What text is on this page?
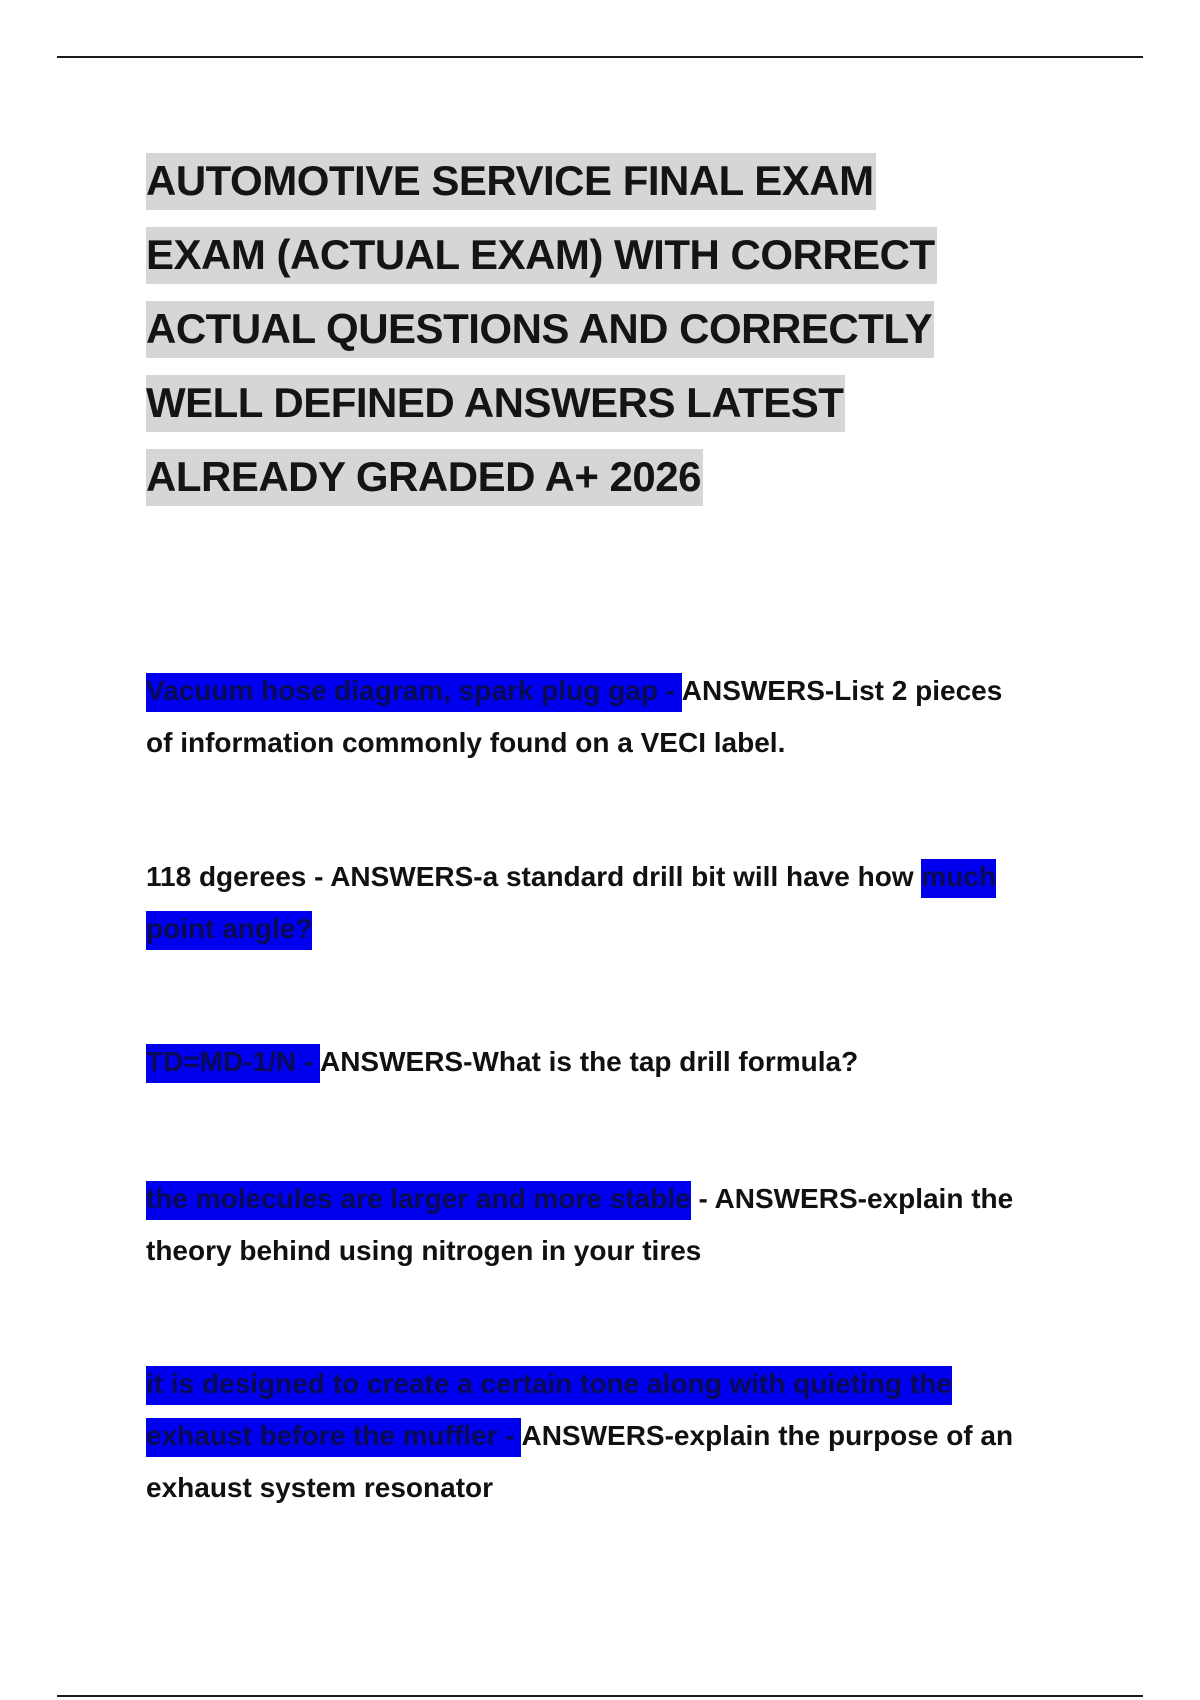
AUTOMOTIVE SERVICE FINAL EXAM
EXAM (ACTUAL EXAM) WITH CORRECT
ACTUAL QUESTIONS AND CORRECTLY
WELL DEFINED ANSWERS LATEST
ALREADY GRADED A+ 2026

Vacuum hose diagram, spark plug gap - ANSWERS-List 2 pieces of information commonly found on a VECI label.

118 dgerees - ANSWERS-a standard drill bit will have how much point angle?

TD=MD-1/N - ANSWERS-What is the tap drill formula?

the molecules are larger and more stable - ANSWERS-explain the theory behind using nitrogen in your tires

it is designed to create a certain tone along with quieting the exhaust before the muffler - ANSWERS-explain the purpose of an exhaust system resonator
